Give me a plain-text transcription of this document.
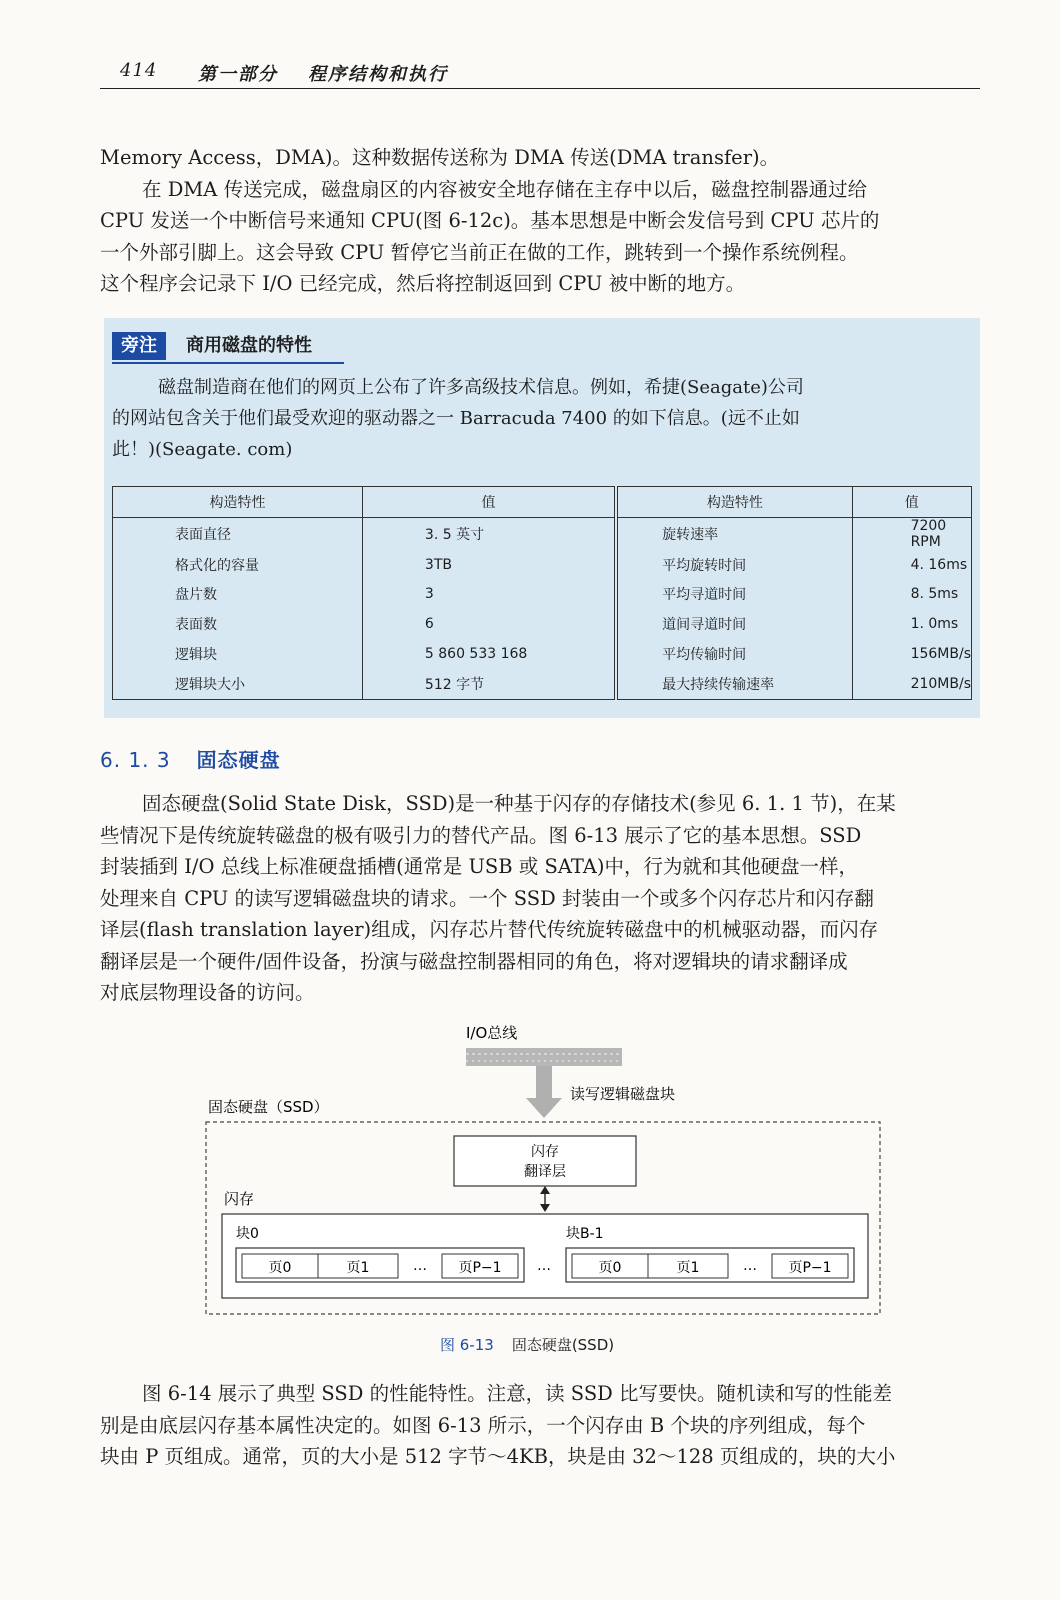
414 第一部分 程序结构和执行
Memory Access，DMA)。这种数据传送称为 DMA 传送(DMA transfer)。
在 DMA 传送完成，磁盘扇区的内容被安全地存储在主存中以后，磁盘控制器通过给
CPU 发送一个中断信号来通知 CPU(图 6-12c)。基本思想是中断会发信号到 CPU 芯片的
一个外部引脚上。这会导致 CPU 暂停它当前正在做的工作，跳转到一个操作系统例程。
这个程序会记录下 I/O 已经完成，然后将控制返回到 CPU 被中断的地方。
旁注	商用磁盘的特性
磁盘制造商在他们的网页上公布了许多高级技术信息。例如，希捷(Seagate)公司
的网站包含关于他们最受欢迎的驱动器之一 Barracuda 7400 的如下信息。(远不止如
此！)(Seagate. com)
构造特性	值	构造特性	值
表面直径	3. 5 英寸	旋转速率	7200 RPM
格式化的容量	3TB	平均旋转时间	4. 16ms
盘片数	3	平均寻道时间	8. 5ms
表面数	6	道间寻道时间	1. 0ms
逻辑块	5 860 533 168	平均传输时间	156MB/s
逻辑块大小	512 字节	最大持续传输速率	210MB/s
6. 1. 3 固态硬盘
固态硬盘(Solid State Disk，SSD)是一种基于闪存的存储技术(参见 6. 1. 1 节)，在某
些情况下是传统旋转磁盘的极有吸引力的替代产品。图 6-13 展示了它的基本思想。SSD
封装插到 I/O 总线上标准硬盘插槽(通常是 USB 或 SATA)中，行为就和其他硬盘一样，
处理来自 CPU 的读写逻辑磁盘块的请求。一个 SSD 封装由一个或多个闪存芯片和闪存翻
译层(flash translation layer)组成，闪存芯片替代传统旋转磁盘中的机械驱动器，而闪存
翻译层是一个硬件/固件设备，扮演与磁盘控制器相同的角色，将对逻辑块的请求翻译成
对底层物理设备的访问。
I/O总线
读写逻辑磁盘块
固态硬盘（SSD）
闪存
翻译层
闪存
块0
页0	页1	… 页P−1	…
块B-1
页0	页1	… 页P−1
图 6-13 固态硬盘(SSD)
图 6-14 展示了典型 SSD 的性能特性。注意，读 SSD 比写要快。随机读和写的性能差
别是由底层闪存基本属性决定的。如图 6-13 所示，一个闪存由 B 个块的序列组成，每个
块由 P 页组成。通常，页的大小是 512 字节～4KB，块是由 32～128 页组成的，块的大小
